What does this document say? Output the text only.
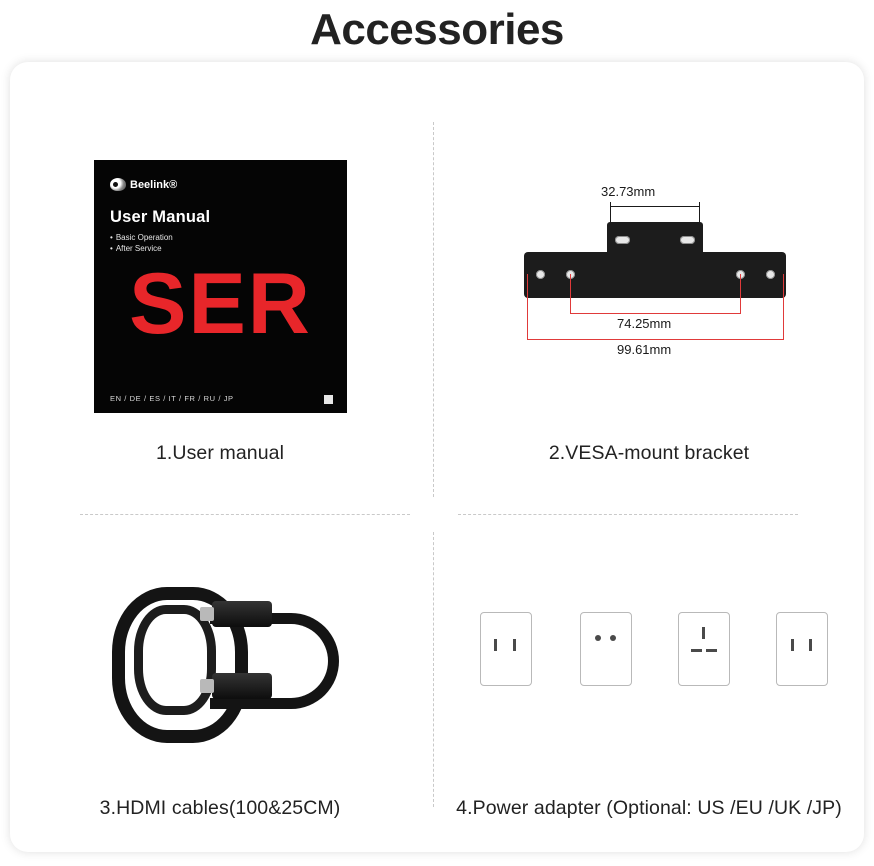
Accessories
Beelink®
User Manual
• Basic Operation
• After Service
SER
EN / DE / ES / IT / FR / RU / JP
1.User manual
32.73mm
74.25mm
99.61mm
2.VESA-mount bracket
3.HDMI cables(100&25CM)	4.Power adapter (Optional: US /EU /UK /JP)
